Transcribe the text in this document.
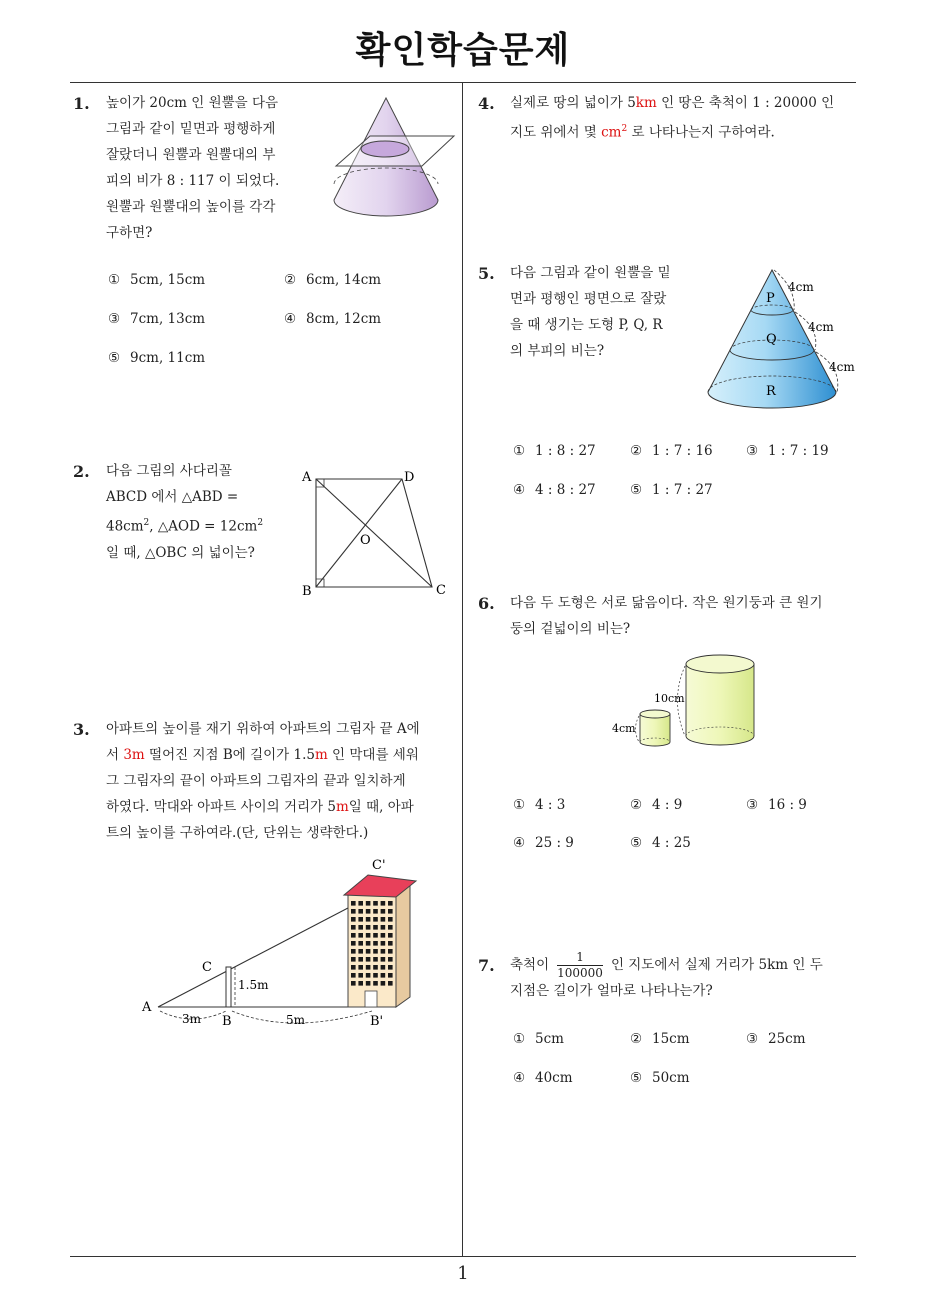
확인학습문제
1. 높이가 20cm 인 원뿔을 다음
그림과 같이 밑면과 평행하게
잘랐더니 원뿔과 원뿔대의 부
피의 비가 8 : 117 이 되었다.
원뿔과 원뿔대의 높이를 각각
구하면?
① 5cm, 15cm	② 6cm, 14cm
③ 7cm, 13cm	④ 8cm, 12cm
⑤ 9cm, 11cm
2. 다음 그림의 사다리꼴
ABCD 에서 △ABD =
$48cm^2$, △AOD = $12cm^2$
일 때, △OBC 의 넓이는?
A	D
B	C
O
3. 아파트의 높이를 재기 위하여 아파트의 그림자 끝 A에
서 3m 떨어진 지점 B에 길이가 1.5m 인 막대를 세워
그 그림자의 끝이 아파트의 그림자의 끝과 일치하게
하였다. 막대와 아파트 사이의 거리가 5m일 때, 아파
트의 높이를 구하여라.(단, 단위는 생략한다.)
A
B	B'
C
C'
1.5m
3m	5m
4. 실제로 땅의 넓이가 5km 인 땅은 축척이 1 : 20000 인
지도 위에서 몇 $cm^2$ 로 나타나는지 구하여라.
5. 다음 그림과 같이 원뿔을 밑
면과 평행인 평면으로 잘랐
을 때 생기는 도형 P, Q, R
의 부피의 비는?
P
Q
R
4cm
4cm
4cm
① 1 : 8 : 27	② 1 : 7 : 16 ③ 1 : 7 : 19
④ 4 : 8 : 27	⑤ 1 : 7 : 27
6. 다음 두 도형은 서로 닮음이다. 작은 원기둥과 큰 원기
둥의 겉넓이의 비는?
4cm
10cm
① 4 : 3	② 4 : 9	③ 16 : 9
④ 25 : 9	⑤ 4 : 25
7. 축척이
1
100000 인 지도에서 실제 거리가 5km 인 두
지점은 길이가 얼마로 나타나는가?
① 5cm	② 15cm	③ 25cm
④ 40cm	⑤ 50cm
1
